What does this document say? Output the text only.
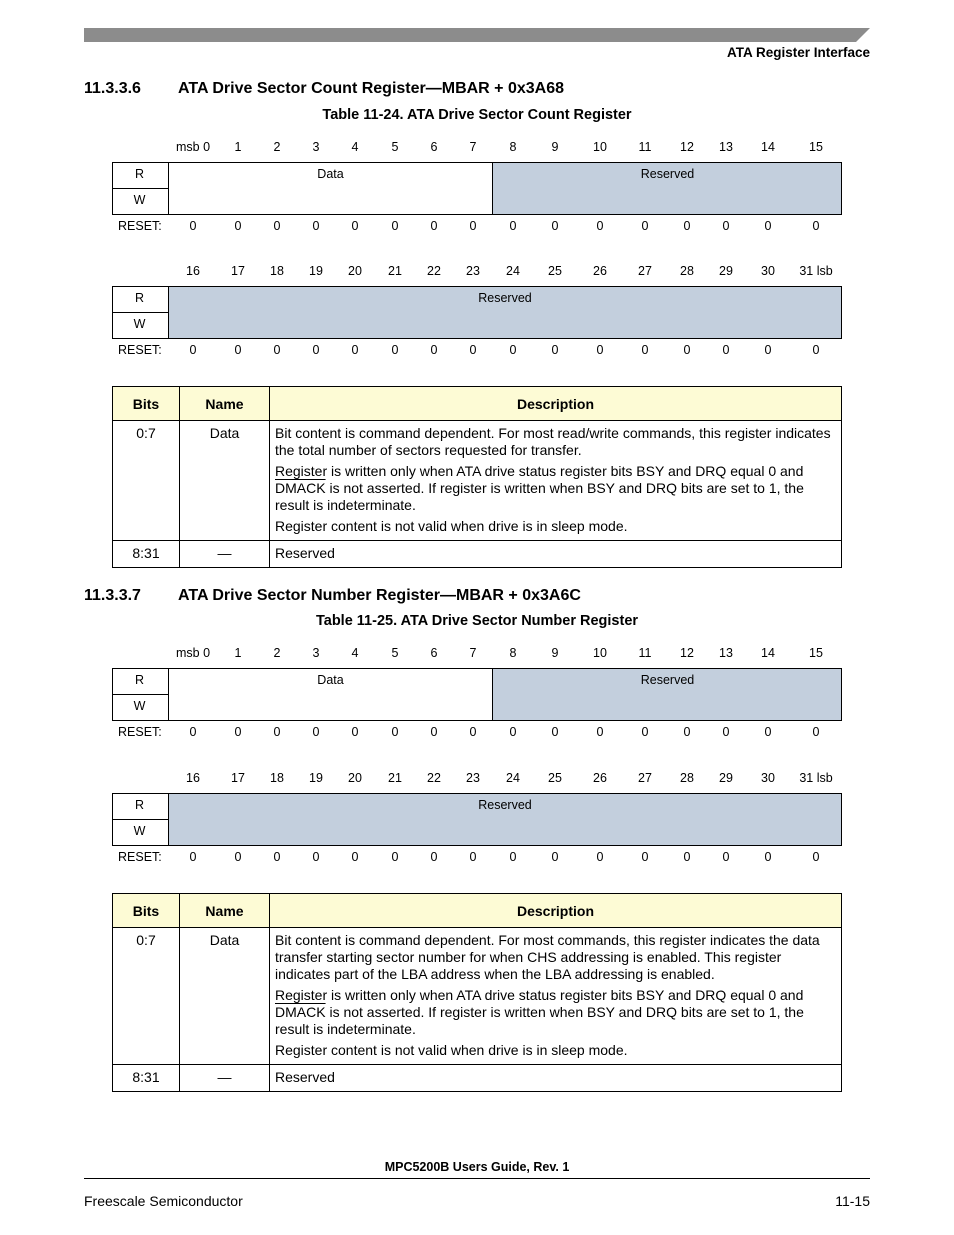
ATA Register Interface
11.3.3.6 ATA Drive Sector Count Register—MBAR + 0x3A68
Table 11-24. ATA Drive Sector Count Register
msb 0 1	2	3	4	5	6	7	8	9	10	11 12 13 14	15
Data	Reserved
R
W
RESET: 0	0	0	0	0	0	0	0	0	0	0	0	0	0	0	0
16 17 18 19 20 21 22 23 24 25 26 27 28 29 30 31 lsb
Reserved
R
W
RESET: 0	0	0	0	0	0	0	0	0	0	0	0	0	0	0	0
Bits	Name	Description
0:7	Data	Bit content is command dependent. For most read/write commands, this register indicates the total number of sectors requested for transfer.

Register is written only when ATA drive status register bits BSY and DRQ equal 0 and DMACK is not asserted. If register is written when BSY and DRQ bits are set to 1, the result is indeterminate.

Register content is not valid when drive is in sleep mode.

8:31	—	Reserved
11.3.3.7 ATA Drive Sector Number Register—MBAR + 0x3A6C
Table 11-25. ATA Drive Sector Number Register
msb 0 1	2	3	4	5	6	7	8	9	10	11 12 13 14	15
Data	Reserved
R
W
RESET: 0	0	0	0	0	0	0	0	0	0	0	0	0	0	0	0
16 17 18 19 20 21 22 23 24 25 26 27 28 29 30 31 lsb
Reserved
R
W
RESET: 0	0	0	0	0	0	0	0	0	0	0	0	0	0	0	0
Bits	Name	Description
0:7	Data	Bit content is command dependent. For most commands, this register indicates the data transfer starting sector number for when CHS addressing is enabled. This register indicates part of the LBA address when the LBA addressing is enabled.

Register is written only when ATA drive status register bits BSY and DRQ equal 0 and DMACK is not asserted. If register is written when BSY and DRQ bits are set to 1, the result is indeterminate.

Register content is not valid when drive is in sleep mode.

8:31	—	Reserved
MPC5200B Users Guide, Rev. 1
Freescale Semiconductor	11-15
